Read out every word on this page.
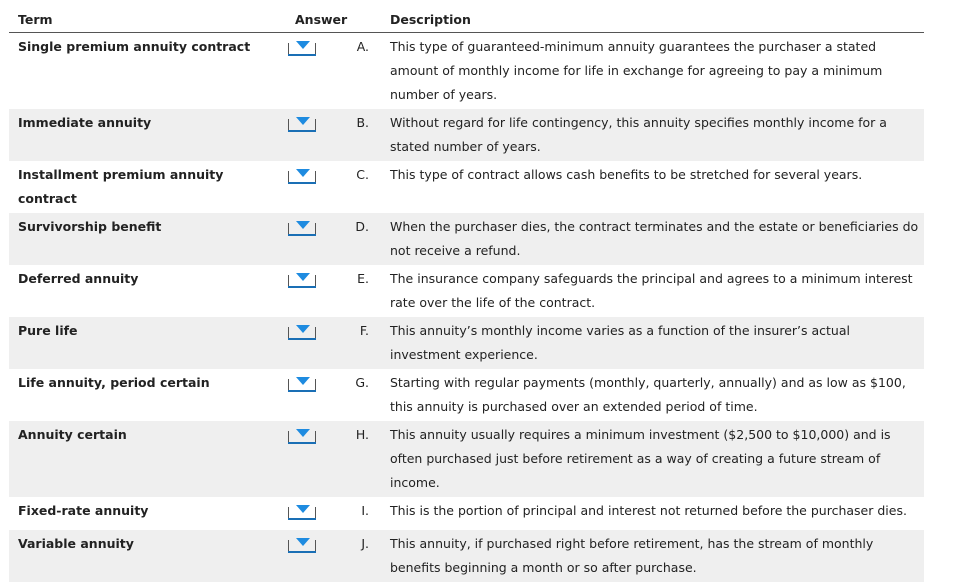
Term	Answer		Description
Single premium annuity contract		A.	This type of guaranteed-minimum annuity guarantees the purchaser a stated amount of monthly income for life in exchange for agreeing to pay a minimum number of years.
Immediate annuity		B.	Without regard for life contingency, this annuity specifies monthly income for a stated number of years.
Installment premium annuity contract		C.	This type of contract allows cash benefits to be stretched for several years.
Survivorship benefit		D.	When the purchaser dies, the contract terminates and the estate or beneficiaries do not receive a refund.
Deferred annuity		E.	The insurance company safeguards the principal and agrees to a minimum interest rate over the life of the contract.
Pure life		F.	This annuity’s monthly income varies as a function of the insurer’s actual investment experience.
Life annuity, period certain		G.	Starting with regular payments (monthly, quarterly, annually) and as low as $100, this annuity is purchased over an extended period of time.
Annuity certain		H.	This annuity usually requires a minimum investment ($2,500 to $10,000) and is often purchased just before retirement as a way of creating a future stream of income.
Fixed-rate annuity		I.	This is the portion of principal and interest not returned before the purchaser dies.
Variable annuity		J.	This annuity, if purchased right before retirement, has the stream of monthly benefits beginning a month or so after purchase.
